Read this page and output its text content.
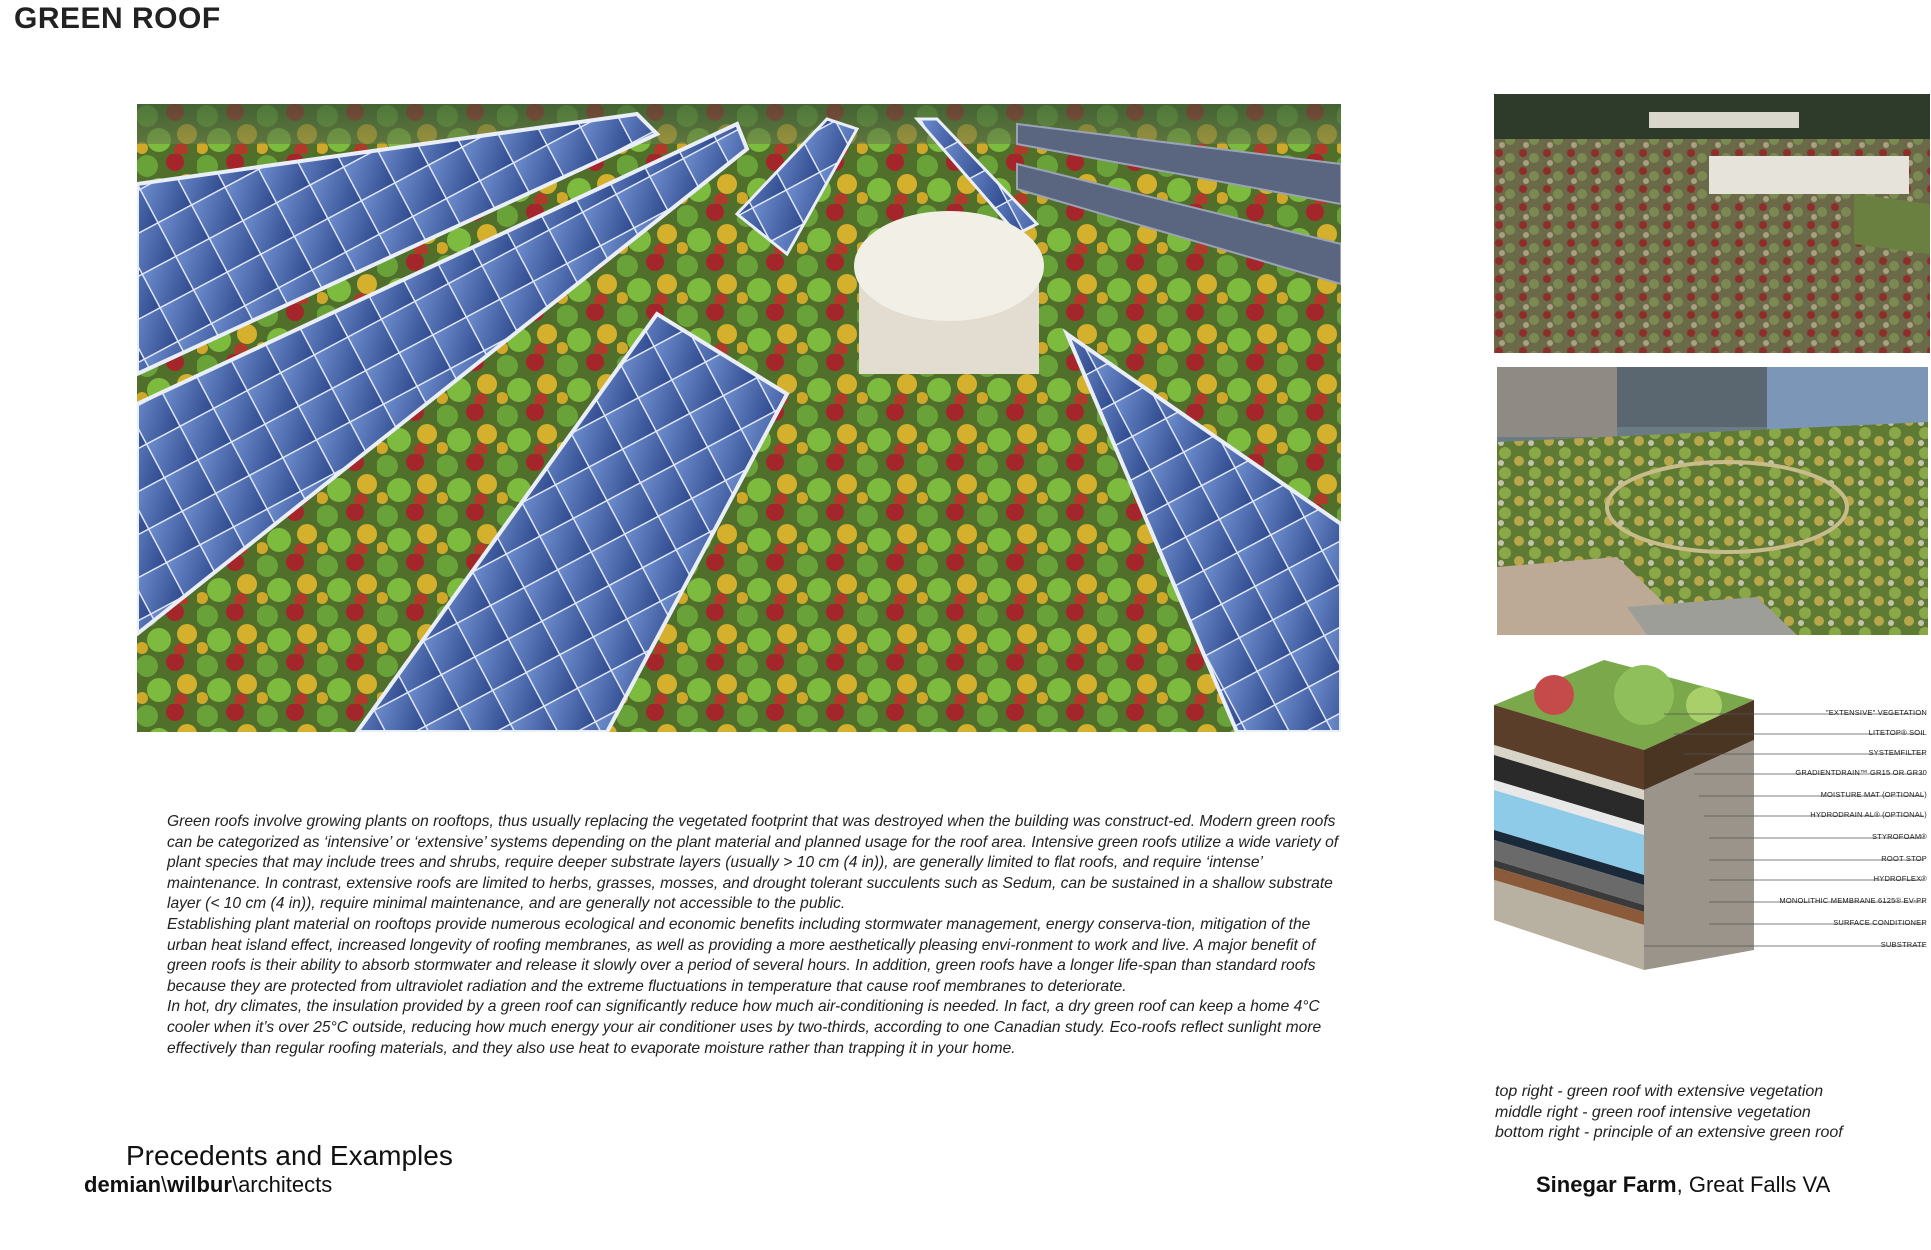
GREEN ROOF
"EXTENSIVE" VEGETATION
LITETOP® SOIL
SYSTEMFILTER
GRADIENTDRAIN™ GR15 OR GR30
MOISTURE MAT (OPTIONAL)
HYDRODRAIN AL® (OPTIONAL)
STYROFOAM®
ROOT STOP
HYDROFLEX®
MONOLITHIC MEMBRANE 6125® EV-PR
SURFACE CONDITIONER
SUBSTRATE

Green roofs involve growing plants on rooftops, thus usually replacing the vegetated footprint that was destroyed when the building was construct-ed. Modern green roofs can be categorized as ‘intensive’ or ‘extensive’ systems depending on the plant material and planned usage for the roof area. Intensive green roofs utilize a wide variety of plant species that may include trees and shrubs, require deeper substrate layers (usually > 10 cm (4 in)), are generally limited to flat roofs, and require ‘intense’ maintenance. In contrast, extensive roofs are limited to herbs, grasses, mosses, and drought tolerant succulents such as Sedum, can be sustained in a shallow substrate layer (< 10 cm (4 in)), require minimal maintenance, and are generally not accessible to the public.

Establishing plant material on rooftops provide numerous ecological and economic benefits including stormwater management, energy conserva-tion, mitigation of the urban heat island effect, increased longevity of roofing membranes, as well as providing a more aesthetically pleasing envi-ronment to work and live. A major benefit of green roofs is their ability to absorb stormwater and release it slowly over a period of several hours. In addition, green roofs have a longer life-span than standard roofs because they are protected from ultraviolet radiation and the extreme fluctuations in temperature that cause roof membranes to deteriorate.

In hot, dry climates, the insulation provided by a green roof can significantly reduce how much air-conditioning is needed. In fact, a dry green roof can keep a home 4°C cooler when it’s over 25°C outside, reducing how much energy your air conditioner uses by two-thirds, according to one Canadian study. Eco-roofs reflect sunlight more effectively than regular roofing materials, and they also use heat to evaporate moisture rather than trapping it in your home.

top right - green roof with extensive vegetation
middle right - green roof intensive vegetation
bottom right - principle of an extensive green roof
Precedents and Examples
demian\wilbur\architects	Sinegar Farm, Great Falls VA
